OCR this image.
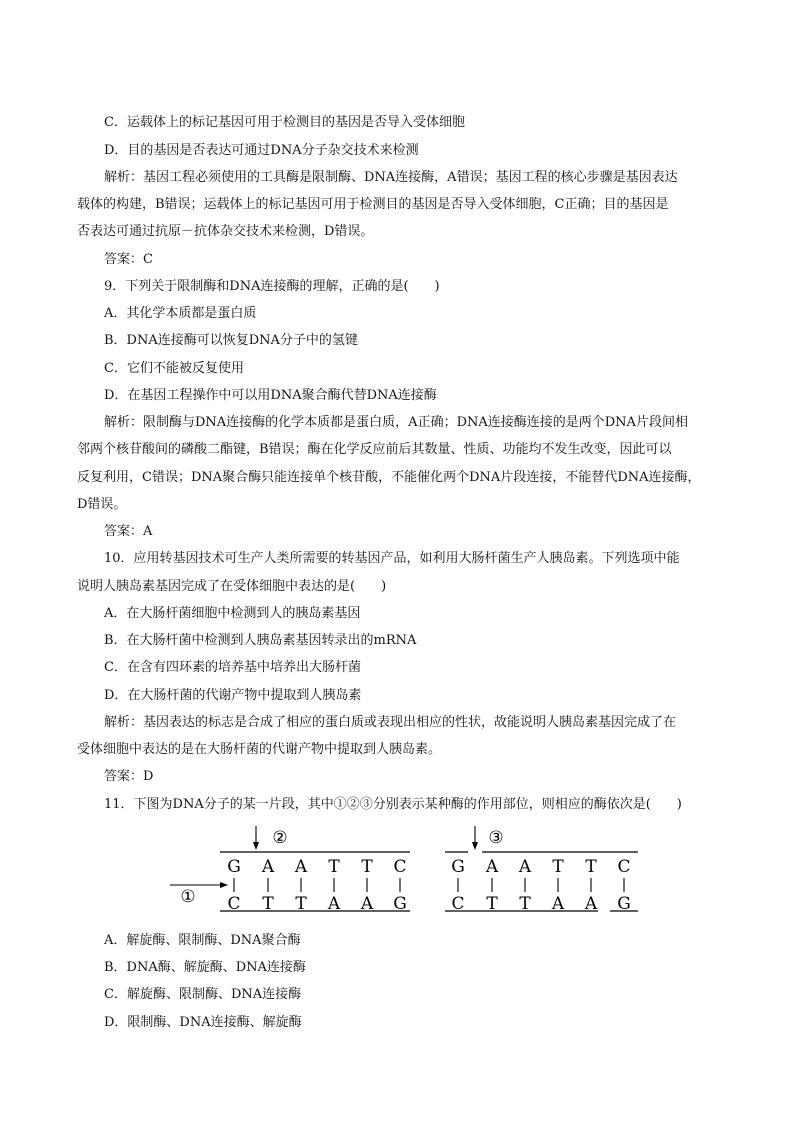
C．运载体上的标记基因可用于检测目的基因是否导入受体细胞
D．目的基因是否表达可通过DNA分子杂交技术来检测
解析：基因工程必须使用的工具酶是限制酶、DNA连接酶，A错误；基因工程的核心步骤是基因表达
载体的构建，B错误；运载体上的标记基因可用于检测目的基因是否导入受体细胞，C正确；目的基因是
否表达可通过抗原－抗体杂交技术来检测，D错误。
答案：C
9．下列关于限制酶和DNA连接酶的理解，正确的是(　　)
A．其化学本质都是蛋白质
B．DNA连接酶可以恢复DNA分子中的氢键
C．它们不能被反复使用
D．在基因工程操作中可以用DNA聚合酶代替DNA连接酶
解析：限制酶与DNA连接酶的化学本质都是蛋白质，A正确；DNA连接酶连接的是两个DNA片段间相
邻两个核苷酸间的磷酸二酯键，B错误；酶在化学反应前后其数量、性质、功能均不发生改变，因此可以
反复利用，C错误；DNA聚合酶只能连接单个核苷酸，不能催化两个DNA片段连接，不能替代DNA连接酶，
D错误。
答案：A
10．应用转基因技术可生产人类所需要的转基因产品，如利用大肠杆菌生产人胰岛素。下列选项中能
说明人胰岛素基因完成了在受体细胞中表达的是(　　)
A．在大肠杆菌细胞中检测到人的胰岛素基因
B．在大肠杆菌中检测到人胰岛素基因转录出的mRNA
C．在含有四环素的培养基中培养出大肠杆菌
D．在大肠杆菌的代谢产物中提取到人胰岛素
解析：基因表达的标志是合成了相应的蛋白质或表现出相应的性状，故能说明人胰岛素基因完成了在
受体细胞中表达的是在大肠杆菌的代谢产物中提取到人胰岛素。
答案：D
11．下图为DNA分子的某一片段，其中①②③分别表示某种酶的作用部位，则相应的酶依次是(　　)
G A A T T C
C T T A A G
①
②
G A A T T C
C T T A A G
③
A．解旋酶、限制酶、DNA聚合酶
B．DNA酶、解旋酶、DNA连接酶
C．解旋酶、限制酶、DNA连接酶
D．限制酶、DNA连接酶、解旋酶
